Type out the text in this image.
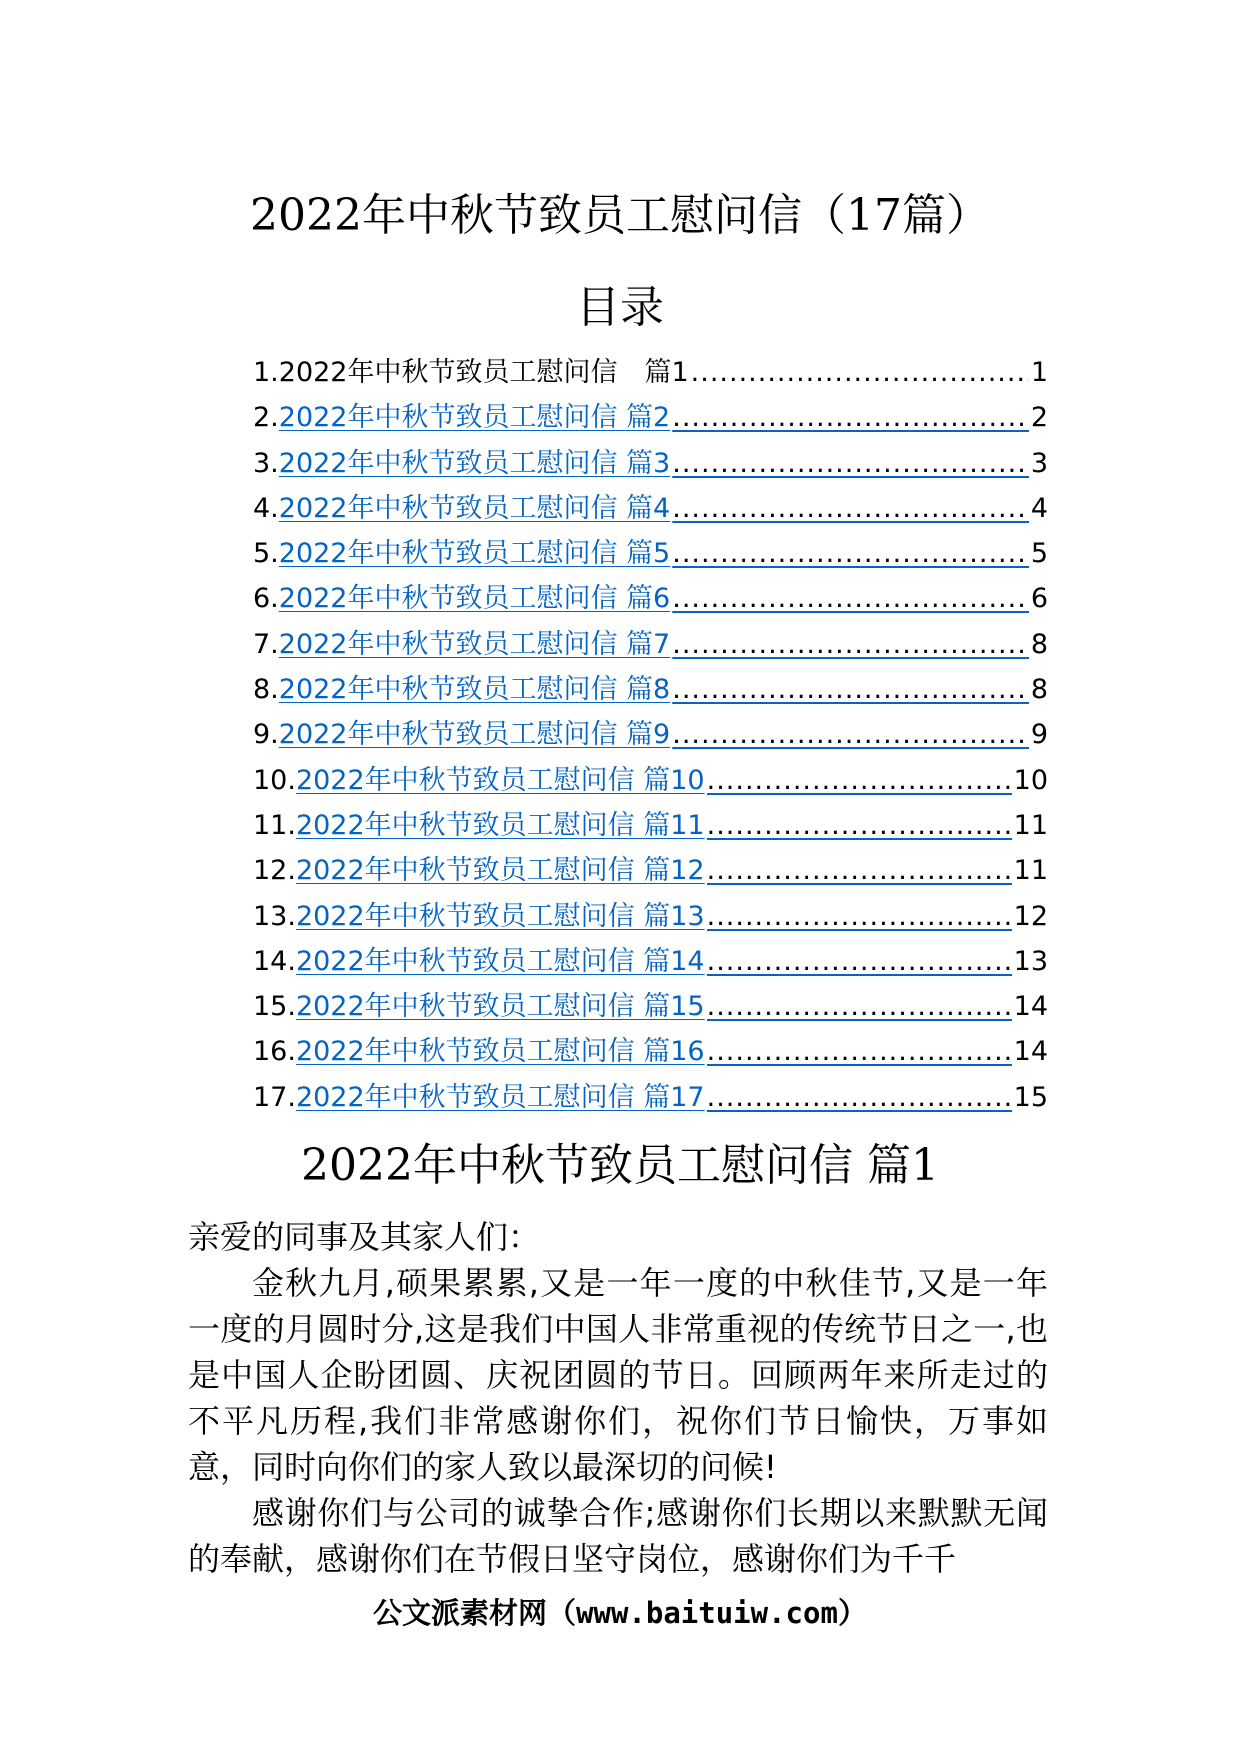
2022年中秋节致员工慰问信（17篇）
目录
1. 2022年中秋节致员工慰问信　篇1 .....	1
2. 2022年中秋节致员工慰问信 篇2 .....	2
3. 2022年中秋节致员工慰问信 篇3 .....	3
4. 2022年中秋节致员工慰问信 篇4 .....	4
5. 2022年中秋节致员工慰问信 篇5 .....	5
6. 2022年中秋节致员工慰问信 篇6 .....	6
7. 2022年中秋节致员工慰问信 篇7 .....	8
8. 2022年中秋节致员工慰问信 篇8 .....	8
9. 2022年中秋节致员工慰问信 篇9 .....	9
10. 2022年中秋节致员工慰问信 篇10 .....	10
11. 2022年中秋节致员工慰问信 篇11 .....	11
12. 2022年中秋节致员工慰问信 篇12 .....	11
13. 2022年中秋节致员工慰问信 篇13 .....	12
14. 2022年中秋节致员工慰问信 篇14 .....	13
15. 2022年中秋节致员工慰问信 篇15 .....	14
16. 2022年中秋节致员工慰问信 篇16 .....	14
17. 2022年中秋节致员工慰问信 篇17 .....	15
2022年中秋节致员工慰问信 篇1

亲爱的同事及其家人们：

金秋九月,硕果累累,又是一年一度的中秋佳节,又是一年一度的月圆时分,这是我们中国人非常重视的传统节日之一,也是中国人企盼团圆、庆祝团圆的节日。回顾两年来所走过的不平凡历程,我们非常感谢你们，祝你们节日愉快，万事如意，同时向你们的家人致以最深切的问候!

感谢你们与公司的诚挚合作;感谢你们长期以来默默无闻的奉献，感谢你们在节假日坚守岗位，感谢你们为千千

公文派素材网（www.baituiw.com）
